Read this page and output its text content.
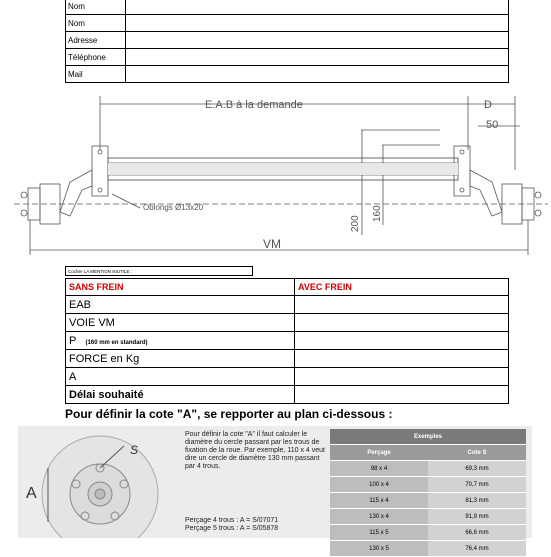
Nom	
Nom	
Adresse	
Téléphone	
Mail	
E.A.B à la demande	D
50
Oblongs Ø13x20
200
160
VM
Cocher LA MENTION INUTILE :
SANS FREIN	AVEC FREIN
EAB	
VOIE VM	
P (160 mm en standard)	
FORCE en Kg	
A	
Délai souhaité	
Pour définir la cote "A", se repporter au plan ci-dessous :
A
S
Pour définir la cote "A" il faut calculer le diamètre du cercle passant par les trous de fixation de la roue. Par exemple, 110 x 4 veut dire un cercle de diamètre 130 mm passant par 4 trous.
Perçage 4 trous : A = S/07071
Perçage 5 trous : A = S/05878
Exemples	
Perçage	Cote S
98 x 4	69,3 mm
100 x 4	70,7 mm
115 x 4	81,3 mm
130 x 4	91,9 mm
115 x 5	66,6 mm
130 x 5	76,4 mm
